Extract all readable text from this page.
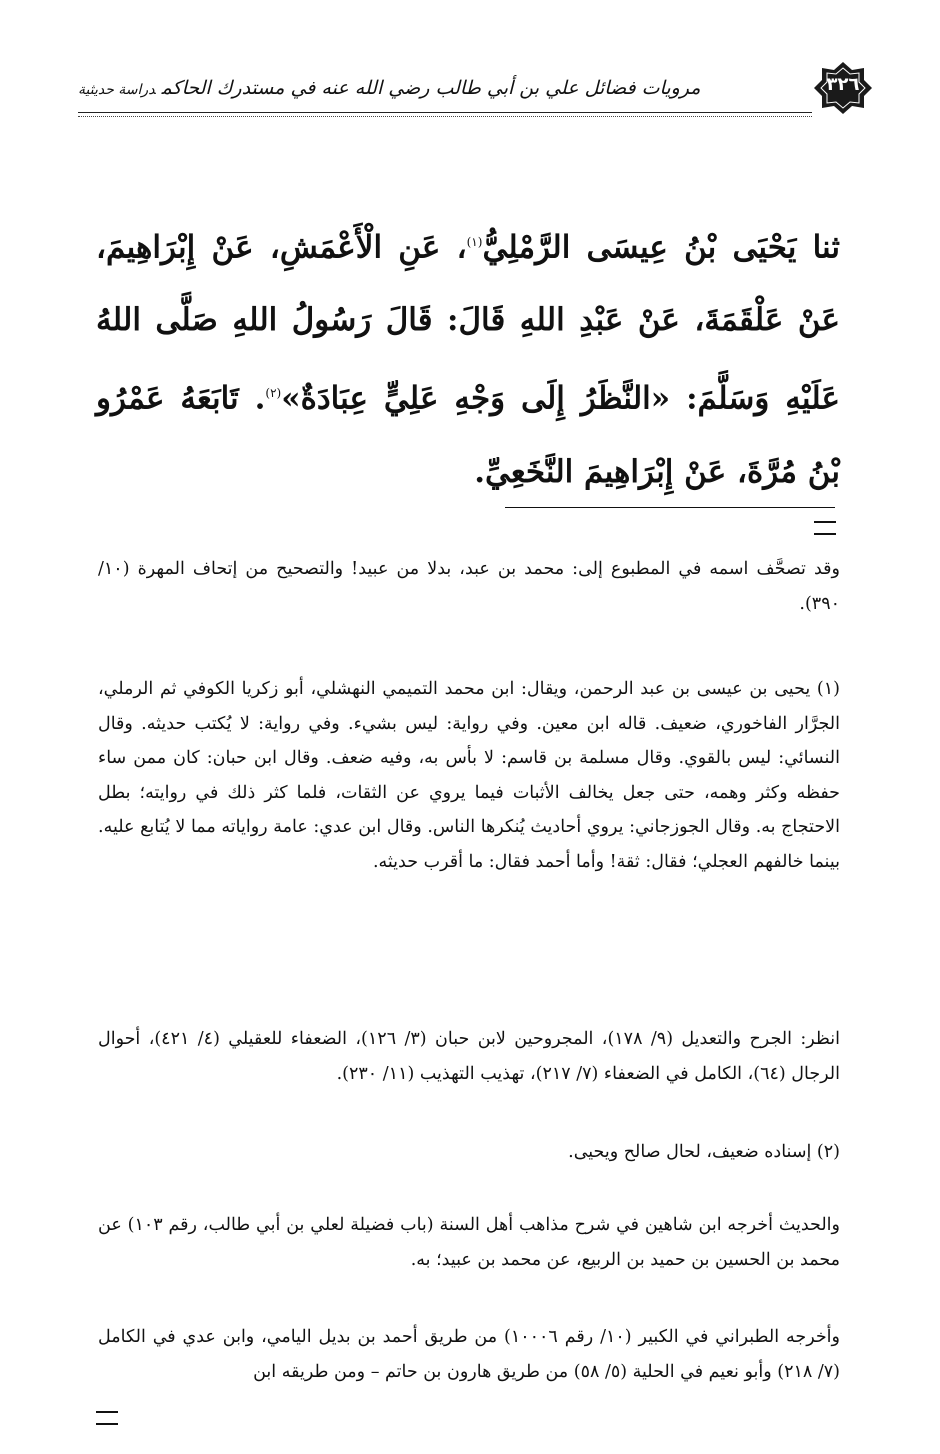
مرويات فضائل علي بن أبي طالب رضي الله عنه في مستدرك الحاكمدراسة حديثية	٣٢٦
ثنا يَحْيَى بْنُ عِيسَى الرَّمْلِيُّ$^{(١)}$، عَنِ الْأَعْمَشِ، عَنْ إِبْرَاهِيمَ، عَنْ عَلْقَمَةَ، عَنْ عَبْدِ اللهِ قَالَ: قَالَ رَسُولُ اللهِ صَلَّى اللهُ عَلَيْهِ وَسَلَّمَ: «النَّظَرُ إِلَى وَجْهِ عَلِيٍّ عِبَادَةٌ»$^{(٢)}$. تَابَعَهُ عَمْرُو بْنُ مُرَّةَ، عَنْ إِبْرَاهِيمَ النَّخَعِيِّ.
وقد تصحَّف اسمه في المطبوع إلى: محمد بن عبد، بدلا من عبيد! والتصحيح من إتحاف المهرة (١٠/ ٣٩٠).
(١) يحيى بن عيسى بن عبد الرحمن، ويقال: ابن محمد التميمي النهشلي، أبو زكريا الكوفي ثم الرملي، الجرَّار الفاخوري، ضعيف. قاله ابن معين. وفي رواية: ليس بشيء. وفي رواية: لا يُكتب حديثه. وقال النسائي: ليس بالقوي. وقال مسلمة بن قاسم: لا بأس به، وفيه ضعف. وقال ابن حبان: كان ممن ساء حفظه وكثر وهمه، حتى جعل يخالف الأثبات فيما يروي عن الثقات، فلما كثر ذلك في روايته؛ بطل الاحتجاج به. وقال الجوزجاني: يروي أحاديث يُنكرها الناس. وقال ابن عدي: عامة رواياته مما لا يُتابع عليه. بينما خالفهم العجلي؛ فقال: ثقة! وأما أحمد فقال: ما أقرب حديثه.
انظر: الجرح والتعديل (٩/ ١٧٨)، المجروحين لابن حبان (٣/ ١٢٦)، الضعفاء للعقيلي (٤/ ٤٢١)، أحوال الرجال (٦٤)، الكامل في الضعفاء (٧/ ٢١٧)، تهذيب التهذيب (١١/ ٢٣٠).
(٢) إسناده ضعيف، لحال صالح ويحيى.
والحديث أخرجه ابن شاهين في شرح مذاهب أهل السنة (باب فضيلة لعلي بن أبي طالب، رقم ١٠٣) عن محمد بن الحسين بن حميد بن الربيع، عن محمد بن عبيد؛ به.
وأخرجه الطبراني في الكبير (١٠/ رقم ١٠٠٠٦) من طريق أحمد بن بديل اليامي، وابن عدي في الكامل (٧/ ٢١٨) وأبو نعيم في الحلية (٥/ ٥٨) من طريق هارون بن حاتم – ومن طريقه ابن
